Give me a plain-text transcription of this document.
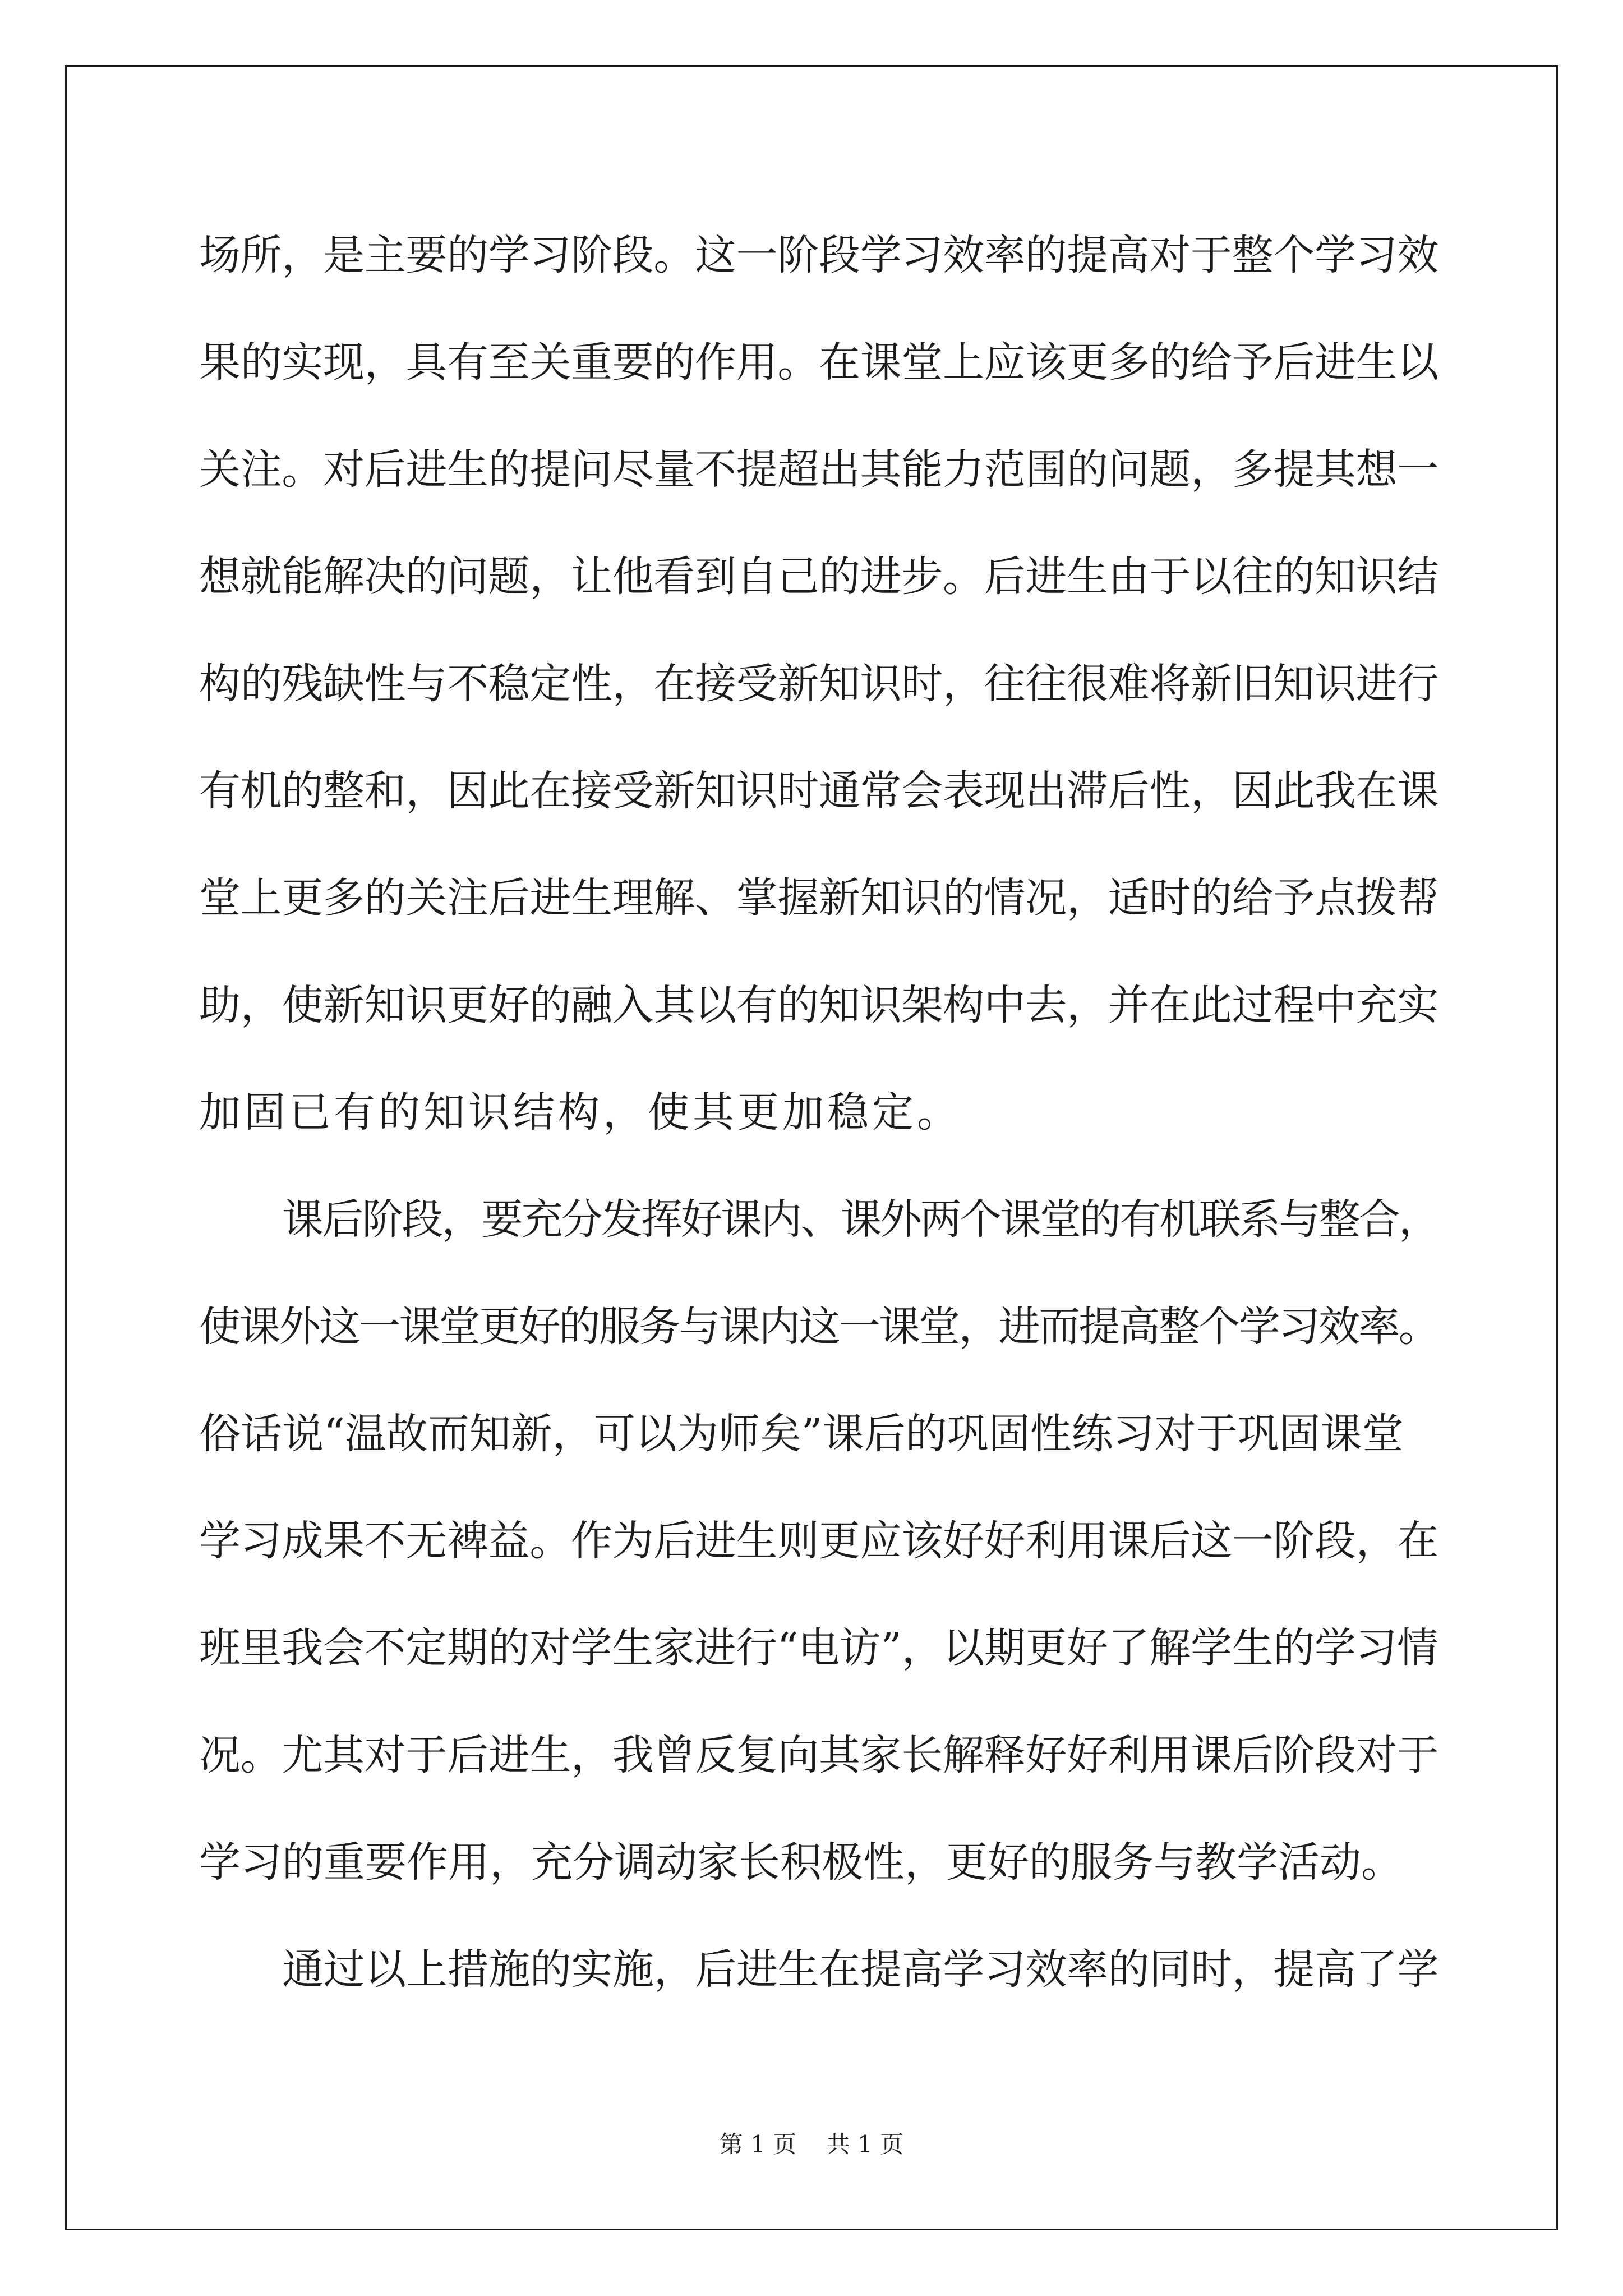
场所，是主要的学习阶段。这一阶段学习效率的提高对于整个学习效
果的实现，具有至关重要的作用。在课堂上应该更多的给予后进生以
关注。对后进生的提问尽量不提超出其能力范围的问题，多提其想一
想就能解决的问题，让他看到自己的进步。后进生由于以往的知识结
构的残缺性与不稳定性，在接受新知识时，往往很难将新旧知识进行
有机的整和，因此在接受新知识时通常会表现出滞后性，因此我在课
堂上更多的关注后进生理解、掌握新知识的情况，适时的给予点拨帮
助，使新知识更好的融入其以有的知识架构中去，并在此过程中充实
加固已有的知识结构，使其更加稳定。
课后阶段，要充分发挥好课内、课外两个课堂的有机联系与整合，
使课外这一课堂更好的服务与课内这一课堂，进而提高整个学习效率。
俗话说“温故而知新，可以为师矣”课后的巩固性练习对于巩固课堂
学习成果不无裨益。作为后进生则更应该好好利用课后这一阶段，在
班里我会不定期的对学生家进行“电访”，以期更好了解学生的学习情
况。尤其对于后进生，我曾反复向其家长解释好好利用课后阶段对于
学习的重要作用，充分调动家长积极性，更好的服务与教学活动。
通过以上措施的实施，后进生在提高学习效率的同时，提高了学
第 1 页    共 1 页
